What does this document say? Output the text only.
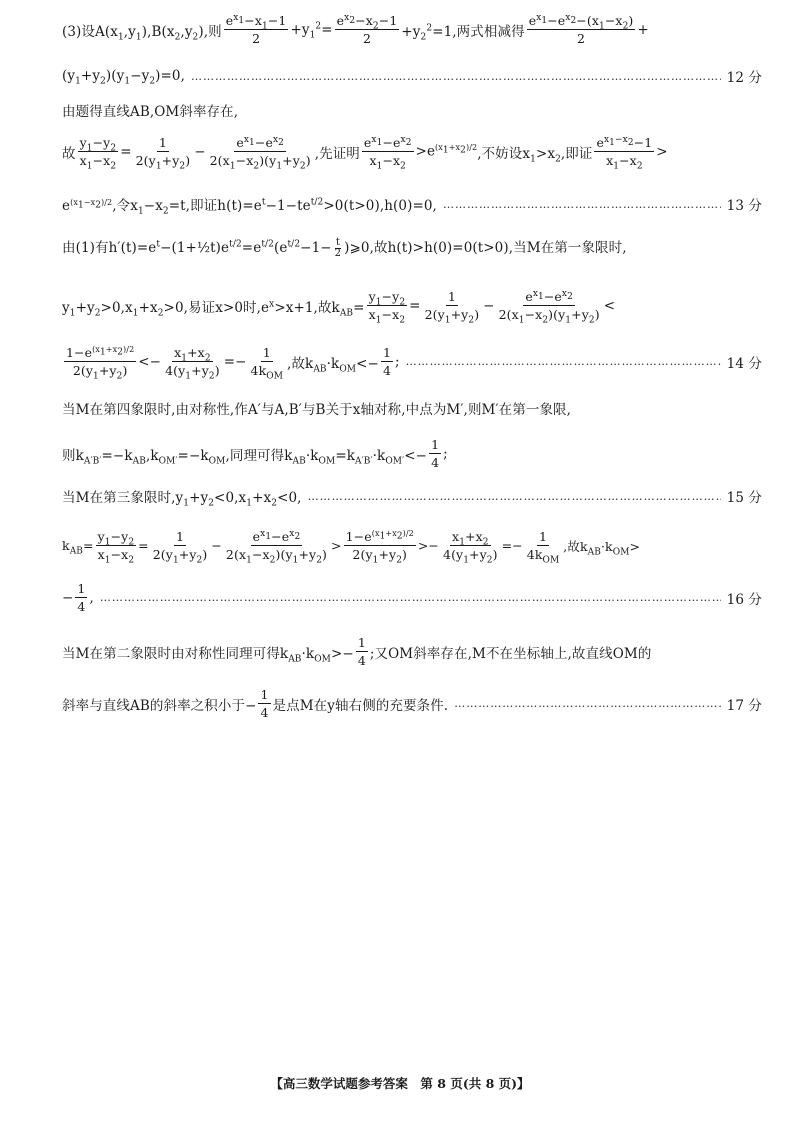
(3)设$A(x_1,y_1),B(x_2,y_2)$,则 $\frac{e^{x_1}-x_1-1}{2} +y_1^2= \frac{e^{x_2}-x_2-1}{2} +y_2^2=1$,两式相减得 $\frac{e^{x_1}-e^{x_2}-(x_1-x_2)}{2}$ +
$(y_1+y_2)(y_1-y_2)=0$, ……………………………………………………………………………………………………………………………………………	12 分
由题得直线AB,OM斜率存在,
故 $\frac{y_1-y_2}{x_1-x_2} = \frac{1}{2(y_1+y_2)} - \frac{e^{x_1}-e^{x_2}}{2(x_1-x_2)(y_1+y_2)}$ ,先证明 $\frac{e^{x_1}-e^{x_2}}{x_1-x_2} >e^{(x_1+x_2)/2}$ ,不妨设$x_1>x_2$,即证 $\frac{e^{x_1-x_2}-1}{x_1-x_2}$ >
$e^{(x_1-x_2)/2}$,令$x_1-x_2=t$,即证$h(t)=e^t-1-te^{t/2}>0(t>0),h(0)=0$, ……………………………………………………………………………………………………………………………………………	13 分
由(1)有$h'(t)=e^t-(1+\frac{1}{2}t)e^{t/2}=e^{t/2}(e^{t/2}-1- \frac{t}{2}$ )⩾0,故h(t)>h(0)=0(t>0),当M在第一象限时,
$y_1+y_2>0,x_1+x_2>0$,易证x>0时$,e^x>x+1$,故$k_{AB}= \frac{y_1-y_2}{x_1-x_2} = \frac{1}{2(y_1+y_2)} - \frac{e^{x_1}-e^{x_2}}{2(x_1-x_2)(y_1+y_2)}$ <
$\frac{1-e^{(x_1+x_2)/2}}{2(y_1+y_2)} <- \frac{x_1+x_2}{4(y_1+y_2)} =- \frac{1}{4k_{OM}}$ ,故$k_{AB}\cdot k_{OM}<- \frac{1}{4}$ ; ……………………………………………………………………………………………………………………………………………	14 分
当M在第四象限时,由对称性,作A′与A,B′与B关于x轴对称,中点为M′,则M′在第一象限,
则$k_{A'B'}=-k_{AB},k_{OM'}=-k_{OM}$,同理可得$k_{AB}\cdot k_{OM}=k_{A'B'}\cdot k_{OM'}<- \frac{1}{4}$ ;
当M在第三象限时$,y_1+y_2<0,x_1+x_2<0$, ……………………………………………………………………………………………………………………………………………	15 分
$k_{AB}= \frac{y_1-y_2}{x_1-x_2} = \frac{1}{2(y_1+y_2)} - \frac{e^{x_1}-e^{x_2}}{2(x_1-x_2)(y_1+y_2)} > \frac{1-e^{(x_1+x_2)/2}}{2(y_1+y_2)} >- \frac{x_1+x_2}{4(y_1+y_2)} =- \frac{1}{4k_{OM}}$ ,故$k_{AB}\cdot k_{OM}>$
− $\frac{1}{4}$ , ……………………………………………………………………………………………………………………………………………	16 分
当M在第二象限时由对称性同理可得$k_{AB}\cdot k_{OM}>- \frac{1}{4}$ ;又OM斜率存在,M不在坐标轴上,故直线OM的
斜率与直线AB的斜率之积小于− $\frac{1}{4}$ 是点M在y轴右侧的充要条件. ……………………………………………………………………………………………………………………………………………	17 分
【高三数学试题参考答案　第 8 页(共 8 页)】
